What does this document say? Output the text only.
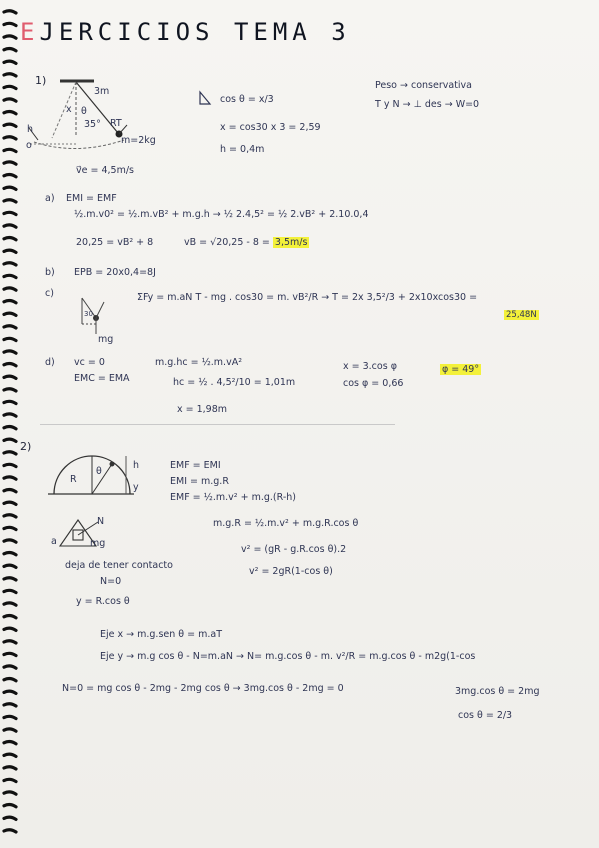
EJERCICIOS TEMA 3
1)
3m
x θ
35° RT
m=2kg
h
o
v⃗e = 4,5m/s
cos θ = x/3
x = cos30 x 3 = 2,59
h = 0,4m
Peso → conservativa
T y N → ⊥ des → W=0
a) EMI = EMF
½.m.v0² = ½.m.vB² + m.g.h → ½ 2.4,5² = ½ 2.vB² + 2.10.0,4
20,25 = vB² + 8	vB = √20,25 - 8 = 3,5m/s
b) EPB = 20x0,4=8J
c)
30
mg
ΣFy = m.aN T - mg . cos30 = m. vB²/R → T = 2x 3,5²/3 + 2x10xcos30 =
25,48N
d) vc = 0
EMC = EMA
m.g.hc = ½.m.vA²
hc = ½ . 4,5²/10 = 1,01m
x = 1,98m
x = 3.cos φ
cos φ = 0,66
φ = 49°
2)
R
θ
h
y
EMF = EMI
EMI = m.g.R
EMF = ½.m.v² + m.g.(R-h)
m.g.R = ½.m.v² + m.g.R.cos θ
v² = (gR - g.R.cos θ).2
v² = 2gR(1-cos θ)
N
a	mg
deja de tener contacto
N=0
y = R.cos θ
Eje x → m.g.sen θ = m.aT
Eje y → m.g cos θ - N=m.aN → N= m.g.cos θ - m. v²/R = m.g.cos θ - m2g(1-cos
N=0 = mg cos θ - 2mg - 2mg cos θ → 3mg.cos θ - 2mg = 0	3mg.cos θ = 2mg
cos θ = 2/3
